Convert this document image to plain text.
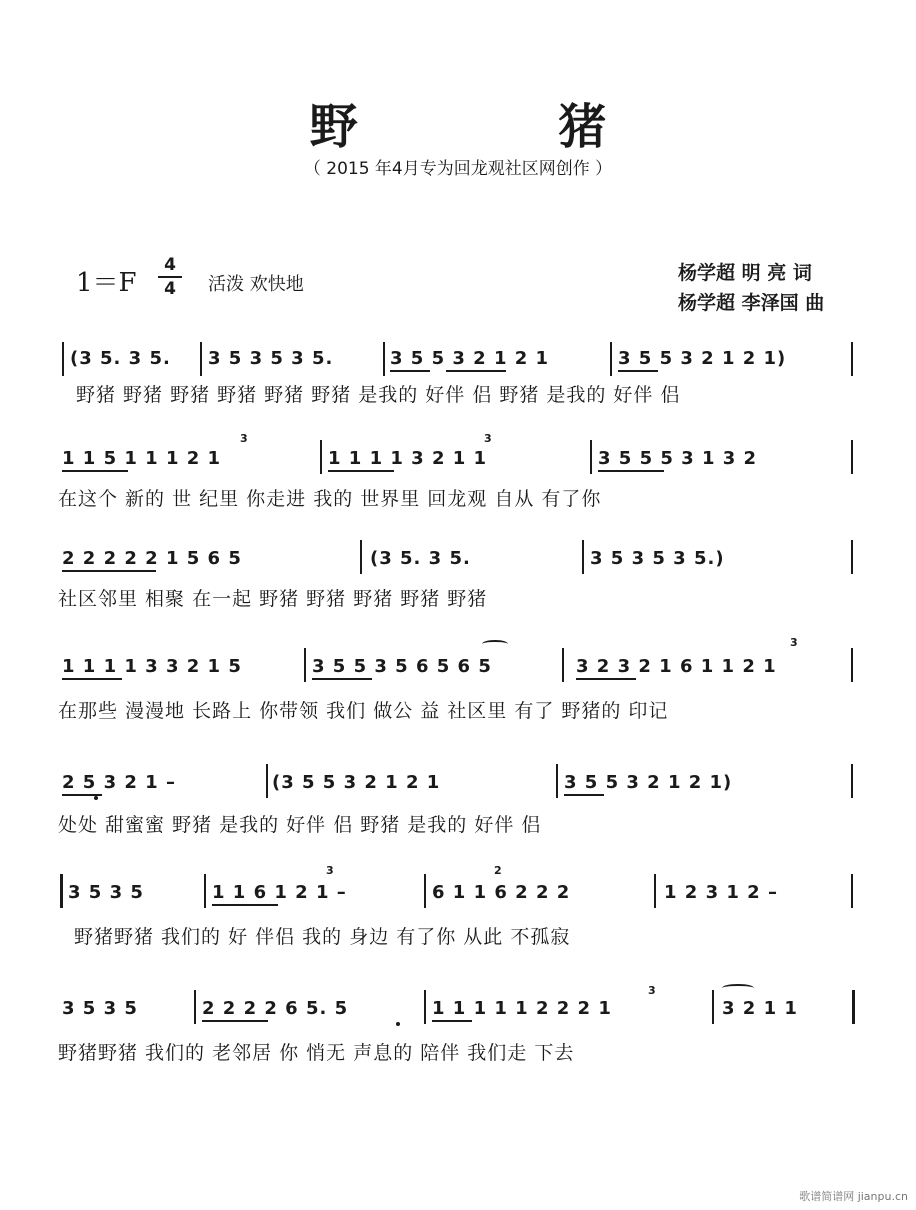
野 猪
（ 2015 年4月专为回龙观社区网创作 ）
1＝F
4
4	活泼 欢快地
杨学超 明 亮 词
杨学超 李泽国 曲
(3 5. 3 5. 3 5 3 5 3 5.	3 5 5 3 2 1 2 1	3 5 5 3 2 1 2 1)
野猪 野猪 野猪 野猪 野猪 野猪 是我的 好伴 侣 野猪 是我的 好伴 侣
1 1 5 1 1 1 2 1
3
1 1 1 1 3 2 1 1
3
3 5 5 5 3 1 3 2
在这个 新的 世 纪里 你走进 我的 世界里 回龙观 自从 有了你
2 2 2 2 2 1 5 6 5	(3 5. 3 5.	3 5 3 5 3 5.)
社区邻里 相聚 在一起 野猪 野猪 野猪 野猪 野猪
1 1 1 1 3 3 2 1 5	3 5 5 3 5 6 5 6 5	3 2 3 2 1 6 1 1 2 1
3
在那些 漫漫地 长路上 你带领 我们 做公 益 社区里 有了 野猪的 印记
2 5 3 2 1 –	(3 5 5 3 2 1 2 1	3 5 5 3 2 1 2 1)
处处 甜蜜蜜 野猪 是我的 好伴 侣 野猪 是我的 好伴 侣
3 5 3 5	1 1 6 1 2 1 –
3
6 1 1 6 2 2 2
2
1 2 3 1 2 –
野猪野猪 我们的 好 伴侣 我的 身边 有了你 从此 不孤寂
3 5 3 5	2 2 2 2 6 5. 5	1 1 1 1 1 2 2 2 1
3
3 2 1 1
野猪野猪 我们的 老邻居 你 悄无 声息的 陪伴 我们走 下去
歌谱简谱网 jianpu.cn
